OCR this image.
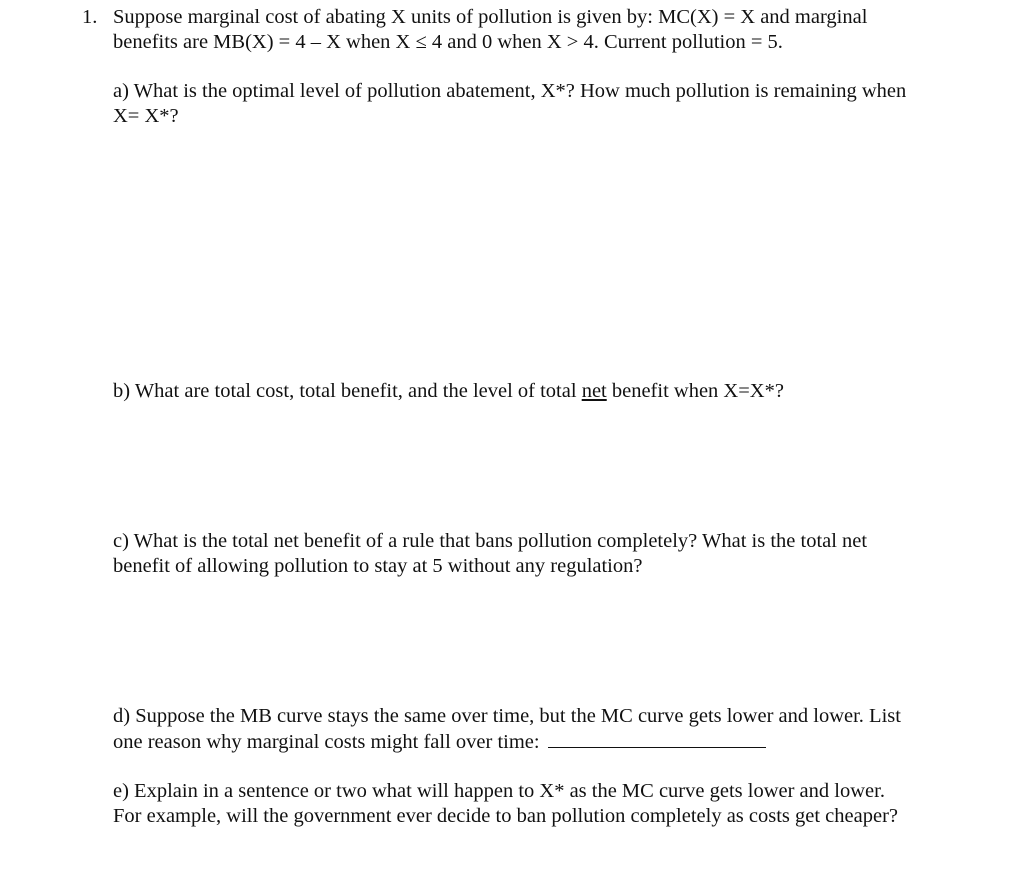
1. Suppose marginal cost of abating X units of pollution is given by: MC(X) = X and marginal
benefits are MB(X) = 4 – X when X ≤ 4 and 0 when X > 4. Current pollution = 5.
a) What is the optimal level of pollution abatement, X*? How much pollution is remaining when
X= X*?
b) What are total cost, total benefit, and the level of total net benefit when X=X*?
c) What is the total net benefit of a rule that bans pollution completely? What is the total net
benefit of allowing pollution to stay at 5 without any regulation?
d) Suppose the MB curve stays the same over time, but the MC curve gets lower and lower. List
one reason why marginal costs might fall over time:
e) Explain in a sentence or two what will happen to X* as the MC curve gets lower and lower.
For example, will the government ever decide to ban pollution completely as costs get cheaper?
